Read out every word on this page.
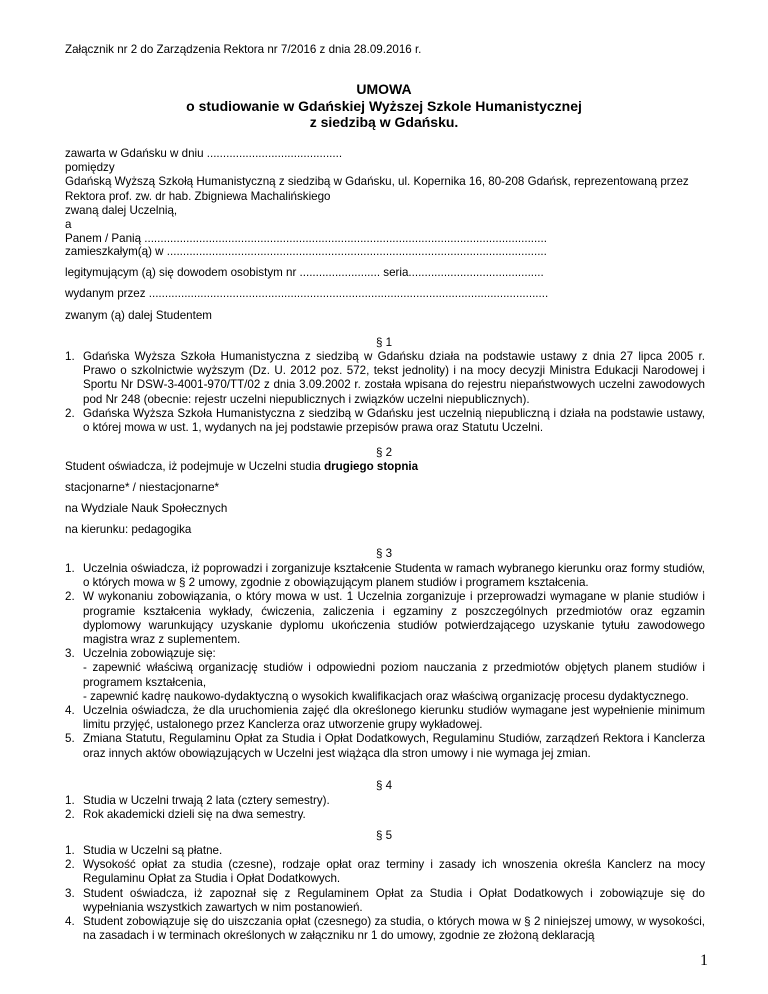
Załącznik nr 2 do Zarządzenia Rektora nr 7/2016 z dnia 28.09.2016 r.
UMOWA
o studiowanie w Gdańskiej Wyższej Szkole Humanistycznej
z siedzibą w Gdańsku.
zawarta w Gdańsku w dniu ..........................................
pomiędzy
Gdańską Wyższą Szkołą Humanistyczną z siedzibą w Gdańsku, ul. Kopernika 16, 80-208 Gdańsk, reprezentowaną przez
Rektora prof. zw. dr hab. Zbigniewa Machalińskiego
zwaną dalej Uczelnią,
a
Panem / Panią .............................................................................................................................
zamieszkałym(ą) w ......................................................................................................................
legitymującym (ą) się dowodem osobistym nr ......................... seria..........................................
wydanym przez ............................................................................................................................
zwanym (ą) dalej Studentem
§ 1
1. Gdańska Wyższa Szkoła Humanistyczna z siedzibą w Gdańsku działa na podstawie ustawy z dnia 27 lipca 2005 r. Prawo o szkolnictwie wyższym (Dz. U. 2012 poz. 572, tekst jednolity) i na mocy decyzji Ministra Edukacji Narodowej i Sportu Nr DSW-3-4001-970/TT/02 z dnia 3.09.2002 r. została wpisana do rejestru niepaństwowych uczelni zawodowych pod Nr 248 (obecnie: rejestr uczelni niepublicznych i związków uczelni niepublicznych).
2. Gdańska Wyższa Szkoła Humanistyczna z siedzibą w Gdańsku jest uczelnią niepubliczną i działa na podstawie ustawy, o której mowa w ust. 1, wydanych na jej podstawie przepisów prawa oraz Statutu Uczelni.
§ 2
Student oświadcza, iż podejmuje w Uczelni studia drugiego stopnia
stacjonarne* / niestacjonarne*
na Wydziale Nauk Społecznych
na kierunku: pedagogika
§ 3
1. Uczelnia oświadcza, iż poprowadzi i zorganizuje kształcenie Studenta w ramach wybranego kierunku oraz formy studiów, o których mowa w § 2 umowy, zgodnie z obowiązującym planem studiów i programem kształcenia.
2. W wykonaniu zobowiązania, o który mowa w ust. 1 Uczelnia zorganizuje i przeprowadzi wymagane w planie studiów i programie kształcenia wykłady, ćwiczenia, zaliczenia i egzaminy z poszczególnych przedmiotów oraz egzamin dyplomowy warunkujący uzyskanie dyplomu ukończenia studiów potwierdzającego uzyskanie tytułu zawodowego magistra wraz z suplementem.
3. Uczelnia zobowiązuje się:
- zapewnić właściwą organizację studiów i odpowiedni poziom nauczania z przedmiotów objętych planem studiów i programem kształcenia,
- zapewnić kadrę naukowo-dydaktyczną o wysokich kwalifikacjach oraz właściwą organizację procesu dydaktycznego.
4. Uczelnia oświadcza, że dla uruchomienia zajęć dla określonego kierunku studiów wymagane jest wypełnienie minimum limitu przyjęć, ustalonego przez Kanclerza oraz utworzenie grupy wykładowej.
5. Zmiana Statutu, Regulaminu Opłat za Studia i Opłat Dodatkowych, Regulaminu Studiów, zarządzeń Rektora i Kanclerza oraz innych aktów obowiązujących w Uczelni jest wiążąca dla stron umowy i nie wymaga jej zmian.
§ 4
1. Studia w Uczelni trwają 2 lata (cztery semestry).
2. Rok akademicki dzieli się na dwa semestry.
§ 5
1. Studia w Uczelni są płatne.
2. Wysokość opłat za studia (czesne), rodzaje opłat oraz terminy i zasady ich wnoszenia określa Kanclerz na mocy Regulaminu Opłat za Studia i Opłat Dodatkowych.
3. Student oświadcza, iż zapoznał się z Regulaminem Opłat za Studia i Opłat Dodatkowych i zobowiązuje się do wypełniania wszystkich zawartych w nim postanowień.
4. Student zobowiązuje się do uiszczania opłat (czesnego) za studia, o których mowa w § 2 niniejszej umowy, w wysokości, na zasadach i w terminach określonych w załączniku nr 1 do umowy, zgodnie ze złożoną deklaracją
1
